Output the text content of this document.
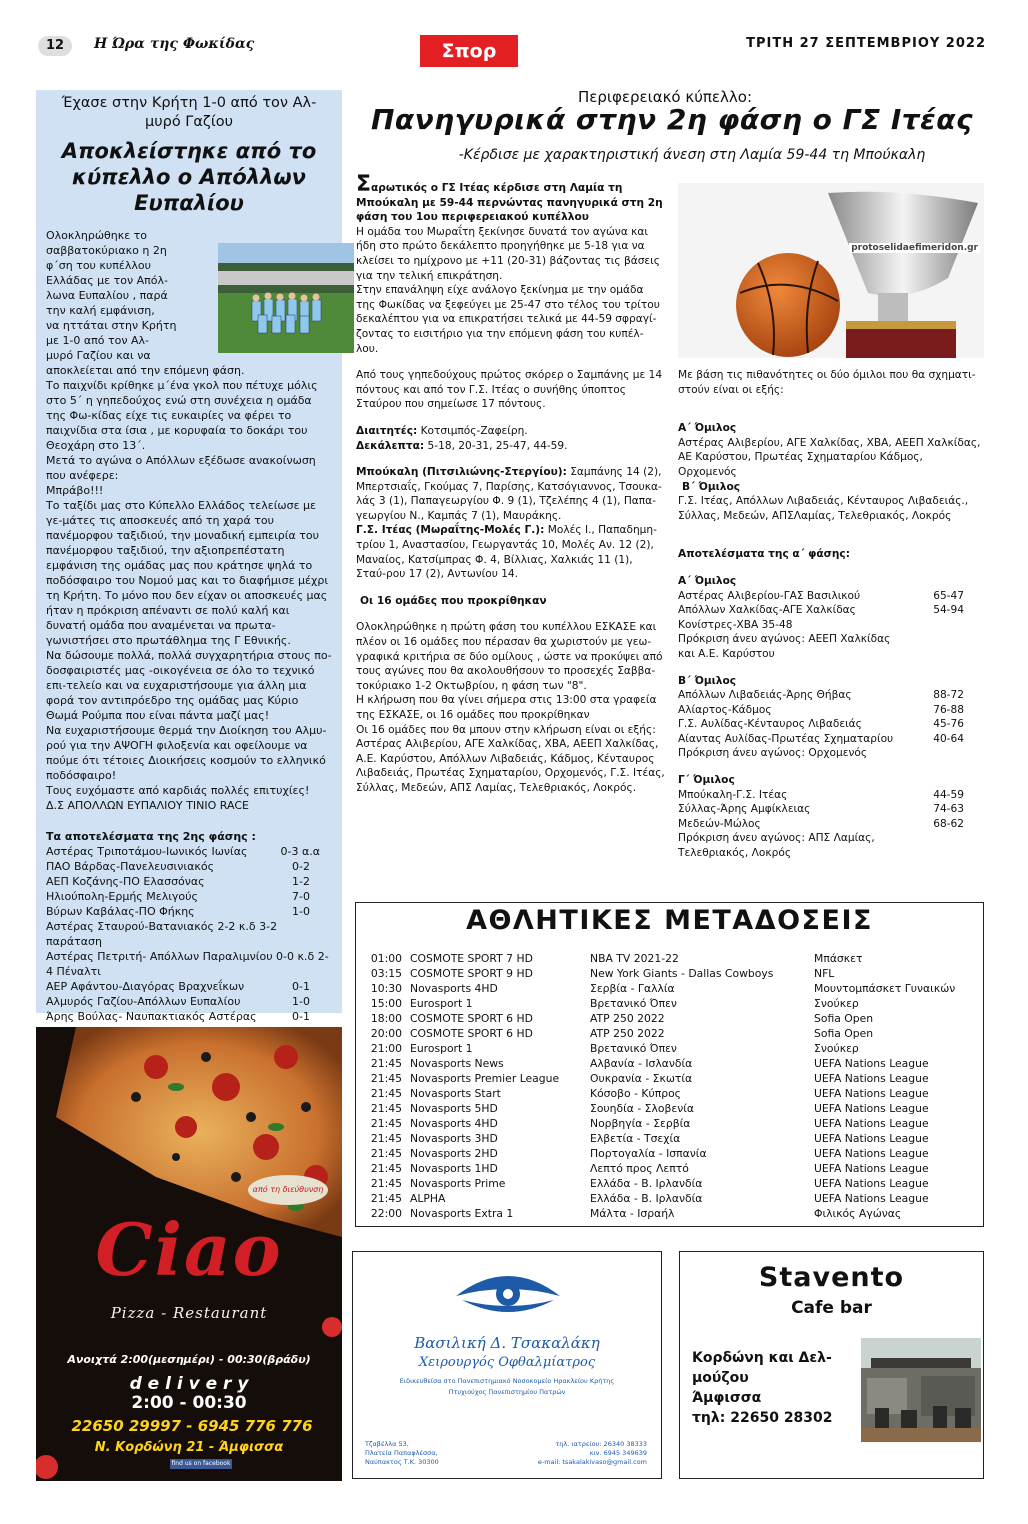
12	Η Ώρα της Φωκίδας	Σπορ	ΤΡΙΤΗ 27 ΣΕΠΤΕΜΒΡΙΟΥ 2022
Έχασε στην Κρήτη 1-0 από τον Αλ-μυρό Γαζίου
Αποκλείστηκε από το κύπελλο ο Απόλλων Ευπαλίου

Ολοκληρώθηκε το

σαββατοκύριακο η 2η

φ΄ση του κυπέλλου

Ελλάδας με τον Απόλ-

λωνα Ευπαλίου , παρά

την καλή εμφάνιση,

να ηττάται στην Κρήτη

με 1-0 από τον Αλ-

μυρό Γαζίου και να

αποκλείεται από την επόμενη φάση.

Το παιχνίδι κρίθηκε μ΄ένα γκολ που πέτυχε μόλις στο 5΄ η γηπεδούχος ενώ στη συνέχεια η ομάδα της Φω-κίδας είχε τις ευκαιρίες να φέρει το παιχνίδια στα ίσια , με κορυφαία το δοκάρι του Θεοχάρη στο 13΄.

Μετά το αγώνα ο Απόλλων εξέδωσε ανακοίνωση που ανέφερε:

Μπράβο!!!

Το ταξίδι μας στο Κύπελλο Ελλάδος τελείωσε με γε-μάτες τις αποσκευές από τη χαρά του πανέμορφου ταξιδιού, την μοναδική εμπειρία του πανέμορφου ταξιδιού, την αξιοπρεπέστατη εμφάνιση της ομάδας μας που κράτησε ψηλά το ποδόσφαιρο του Νομού μας και το διαφήμισε μέχρι τη Κρήτη. Το μόνο που δεν είχαν οι αποσκευές μας ήταν η πρόκριση απέναντι σε πολύ καλή και δυνατή ομάδα που αναμένεται να πρωτα-γωνιστήσει στο πρωτάθλημα της Γ Εθνικής.

Να δώσουμε πολλά, πολλά συγχαρητήρια στους πο-δοσφαιριστές μας -οικογένεια σε όλο το τεχνικό επι-τελείο και να ευχαριστήσουμε για άλλη μια φορά τον αντιπρόεδρο της ομάδας μας Κύριο Θωμά Ρούμπα που είναι πάντα μαζί μας!

Να ευχαριστήσουμε θερμά την Διοίκηση του Αλμυ-ρού για την ΑΨΟΓΗ φιλοξενία και οφείλουμε να πούμε ότι τέτοιες Διοικήσεις κοσμούν το ελληνικό ποδόσφαιρο!

Τους ευχόμαστε από καρδιάς πολλές επιτυχίες!

Δ.Σ ΑΠΟΛΛΩΝ ΕΥΠΑΛΙΟΥ ΤΙΝΙΟ RACE

Τα αποτελέσματα της 2ης φάσης :

Αστέρας Τριποτάμου-Ιωνικός Ιωνίας	0-3 α.α
ΠΑΟ Βάρδας-Πανελευσινιακός	0-2
ΑΕΠ Κοζάνης-ΠΟ Ελασσόνας	1-2
Ηλιούπολη-Ερμής Μελιγούς	7-0
Βύρων Καβάλας-ΠΟ Φήκης	1-0
Αστέρας Σταυρού-Βατανιακός 2-2 κ.δ 3-2 παράταση
Αστέρας Πετριτή- Απόλλων Παραλιμνίου 0-0 κ.δ 2-4 Πέναλτι
ΑΕΡ Αφάντου-Διαγόρας Βραχνεΐκων	0-1
Αλμυρός Γαζίου-Απόλλων Ευπαλίου	1-0
Άρης Βούλας- Ναυπακτιακός Αστέρας	0-1
από τη διεύθυνση
Ciao
Pizza - Restaurant
Ανοιχτά 2:00(μεσημέρι) - 00:30(βράδυ)
d e l i v e r y
2:00 - 00:30
22650 29997 - 6945 776 776
Ν. Κορδώνη 21 - Άμφισσα
find us on facebook
Περιφερειακό κύπελλο:
Πανηγυρικά στην 2η φάση ο ΓΣ Ιτέας
-Κέρδισε με χαρακτηριστική άνεση στη Λαμία 59-44 τη Μπούκαλη

Σαρωτικός ο ΓΣ Ιτέας κέρδισε στη Λαμία τη Μπούκαλη με 59-44 περνώντας πανηγυρικά στη 2η φάση του 1ου περιφερειακού κυπέλλου

Η ομάδα του Μωραΐτη ξεκίνησε δυνατά τον αγώνα και ήδη στο πρώτο δεκάλεπτο προηγήθηκε με 5-18 για να κλείσει το ημίχρονο με +11 (20-31) βάζοντας τις βάσεις για την τελική επικράτηση.

Στην επανάληψη είχε ανάλογο ξεκίνημα με την ομάδα της Φωκίδας να ξεφεύγει με 25-47 στο τέλος του τρίτου δεκαλέπτου για να επικρατήσει τελικά με 44-59 σφραγί-ζοντας το εισιτήριο για την επόμενη φάση του κυπέλ-λου.

Από τους γηπεδούχους πρώτος σκόρερ ο Σαμπάνης με 14 πόντους και από τον Γ.Σ. Ιτέας ο συνήθης ύποπτος Σταύρου που σημείωσε 17 πόντους.

Διαιτητές: Κοτσιμπός-Ζαφείρη.

Δεκάλεπτα: 5-18, 20-31, 25-47, 44-59.

Μπούκαλη (Πιτσιλιώνης-Στεργίου): Σαμπάνης 14 (2), Μπερτσιαΐς, Γκούμας 7, Παρίσης, Κατσόγιαννος, Τσουκα-λάς 3 (1), Παπαγεωργίου Φ. 9 (1), Τζελέπης 4 (1), Παπα-γεωργίου Ν., Καμπάς 7 (1), Μαυράκης.

Γ.Σ. Ιτέας (Μωραΐτης-Μολές Γ.): Μολές Ι., Παπαδημη-τρίου 1, Αναστασίου, Γεωργαντάς 10, Μολές Αν. 12 (2), Μαναίος, Κατσίμπρας Φ. 4, Βίλλιας, Χαλκιάς 11 (1), Σταύ-ρου 17 (2), Αντωνίου 14.

Οι 16 ομάδες που προκρίθηκαν

Ολοκληρώθηκε η πρώτη φάση του κυπέλλου ΕΣΚΑΣΕ και πλέον οι 16 ομάδες που πέρασαν θα χωριστούν με γεω-γραφικά κριτήρια σε δύο ομίλους , ώστε να προκύψει από τους αγώνες που θα ακολουθήσουν το προσεχές Σαββα-τοκύριακο 1-2 Οκτωβρίου, η φάση των "8".

Η κλήρωση που θα γίνει σήμερα στις 13:00 στα γραφεία της ΕΣΚΑΣΕ, οι 16 ομάδες που προκρίθηκαν

Οι 16 ομάδες που θα μπουν στην κλήρωση είναι οι εξής: Αστέρας Αλιβερίου, ΑΓΕ Χαλκίδας, ΧΒΑ, ΑΕΕΠ Χαλκίδας, Α.Ε. Καρύστου, Απόλλων Λιβαδειάς, Κάδμος, Κένταυρος Λιβαδειάς, Πρωτέας Σχηματαρίου, Ορχομενός, Γ.Σ. Ιτέας, Σύλλας, Μεδεών, ΑΠΣ Λαμίας, Τελεθριακός, Λοκρός.

protoselidaefimeridon.gr

Με βάση τις πιθανότητες οι δύο όμιλοι που θα σχηματι-στούν είναι οι εξής:

Α΄ Όμιλος

Αστέρας Αλιβερίου, ΑΓΕ Χαλκίδας, ΧΒΑ, ΑΕΕΠ Χαλκίδας, ΑΕ Καρύστου, Πρωτέας Σχηματαρίου Κάδμος, Ορχομενός

Β΄ Όμιλος

Γ.Σ. Ιτέας, Απόλλων Λιβαδειάς, Κένταυρος Λιβαδειάς., Σύλλας, Μεδεών, ΑΠΣΛαμίας, Τελεθριακός, Λοκρός

Αποτελέσματα της α΄ φάσης:

Α΄ Όμιλος

Αστέρας Αλιβερίου-ΓΑΣ Βασιλικού	65-47
Απόλλων Χαλκίδας-ΑΓΕ Χαλκίδας	54-94
Κονίστρες-ΧΒΑ 35-48
Πρόκριση άνευ αγώνος: ΑΕΕΠ Χαλκίδας
και Α.Ε. Καρύστου

Β΄ Όμιλος

Απόλλων Λιβαδειάς-Άρης Θήβας	88-72
Αλίαρτος-Κάδμος	76-88
Γ.Σ. Αυλίδας-Κένταυρος Λιβαδειάς	45-76
Αίαντας Αυλίδας-Πρωτέας Σχηματαρίου	40-64
Πρόκριση άνευ αγώνος: Ορχομενός

Γ΄ Όμιλος

Μπούκαλη-Γ.Σ. Ιτέας	44-59
Σύλλας-Άρης Αμφίκλειας	74-63
Μεδεών-Μώλος	68-62
Πρόκριση άνευ αγώνος: ΑΠΣ Λαμίας,
Τελεθριακός, Λοκρός
ΑΘΛΗΤΙΚΕΣ ΜΕΤΑΔΟΣΕΙΣ
01:00 COSMOTE SPORT 7 HD	NBA TV 2021-22	Μπάσκετ
03:15 COSMOTE SPORT 9 HD	New York Giants - Dallas Cowboys	NFL
10:30 Novasports 4HD	Σερβία - Γαλλία	Μουντομπάσκετ Γυναικών
15:00 Eurosport 1	Βρετανικό Όπεν	Σνούκερ
18:00 COSMOTE SPORT 6 HD	ATP 250 2022	Sofia Open
20:00 COSMOTE SPORT 6 HD	ATP 250 2022	Sofia Open
21:00 Eurosport 1	Βρετανικό Όπεν	Σνούκερ
21:45 Novasports News	Αλβανία - Ισλανδία	UEFA Nations League
21:45 Novasports Premier League	Ουκρανία - Σκωτία	UEFA Nations League
21:45 Novasports Start	Κόσοβο - Κύπρος	UEFA Nations League
21:45 Novasports 5HD	Σουηδία - Σλοβενία	UEFA Nations League
21:45 Novasports 4HD	Νορβηγία - Σερβία	UEFA Nations League
21:45 Novasports 3HD	Ελβετία - Τσεχία	UEFA Nations League
21:45 Novasports 2HD	Πορτογαλία - Ισπανία	UEFA Nations League
21:45 Novasports 1HD	Λεπτό προς Λεπτό	UEFA Nations League
21:45 Novasports Prime	Ελλάδα - Β. Ιρλανδία	UEFA Nations League
21:45 ALPHA	Ελλάδα - Β. Ιρλανδία	UEFA Nations League
22:00 Novasports Extra 1	Μάλτα - Ισραήλ	Φιλικός Αγώνας
Βασιλική Δ. Τσακαλάκη
Χειρουργός Οφθαλμίατρος
Ειδικευθείσα στο Πανεπιστημιακό Νοσοκομείο Ηρακλείου Κρήτης
Πτυχιούχος Πανεπιστημίου Πατρών

Τζαβέλλα 53,

Πλατεία Παπαφλέσσα,

Ναύπακτος Τ.Κ. 30300

τηλ. ιατρείου: 26340 38333

κιν. 6945 349639

e-mail: tsakalakivaso@gmail.com

Stavento
Cafe bar

Κορδώνη και Δελ-μούζου

Άμφισσα

τηλ: 22650 28302
